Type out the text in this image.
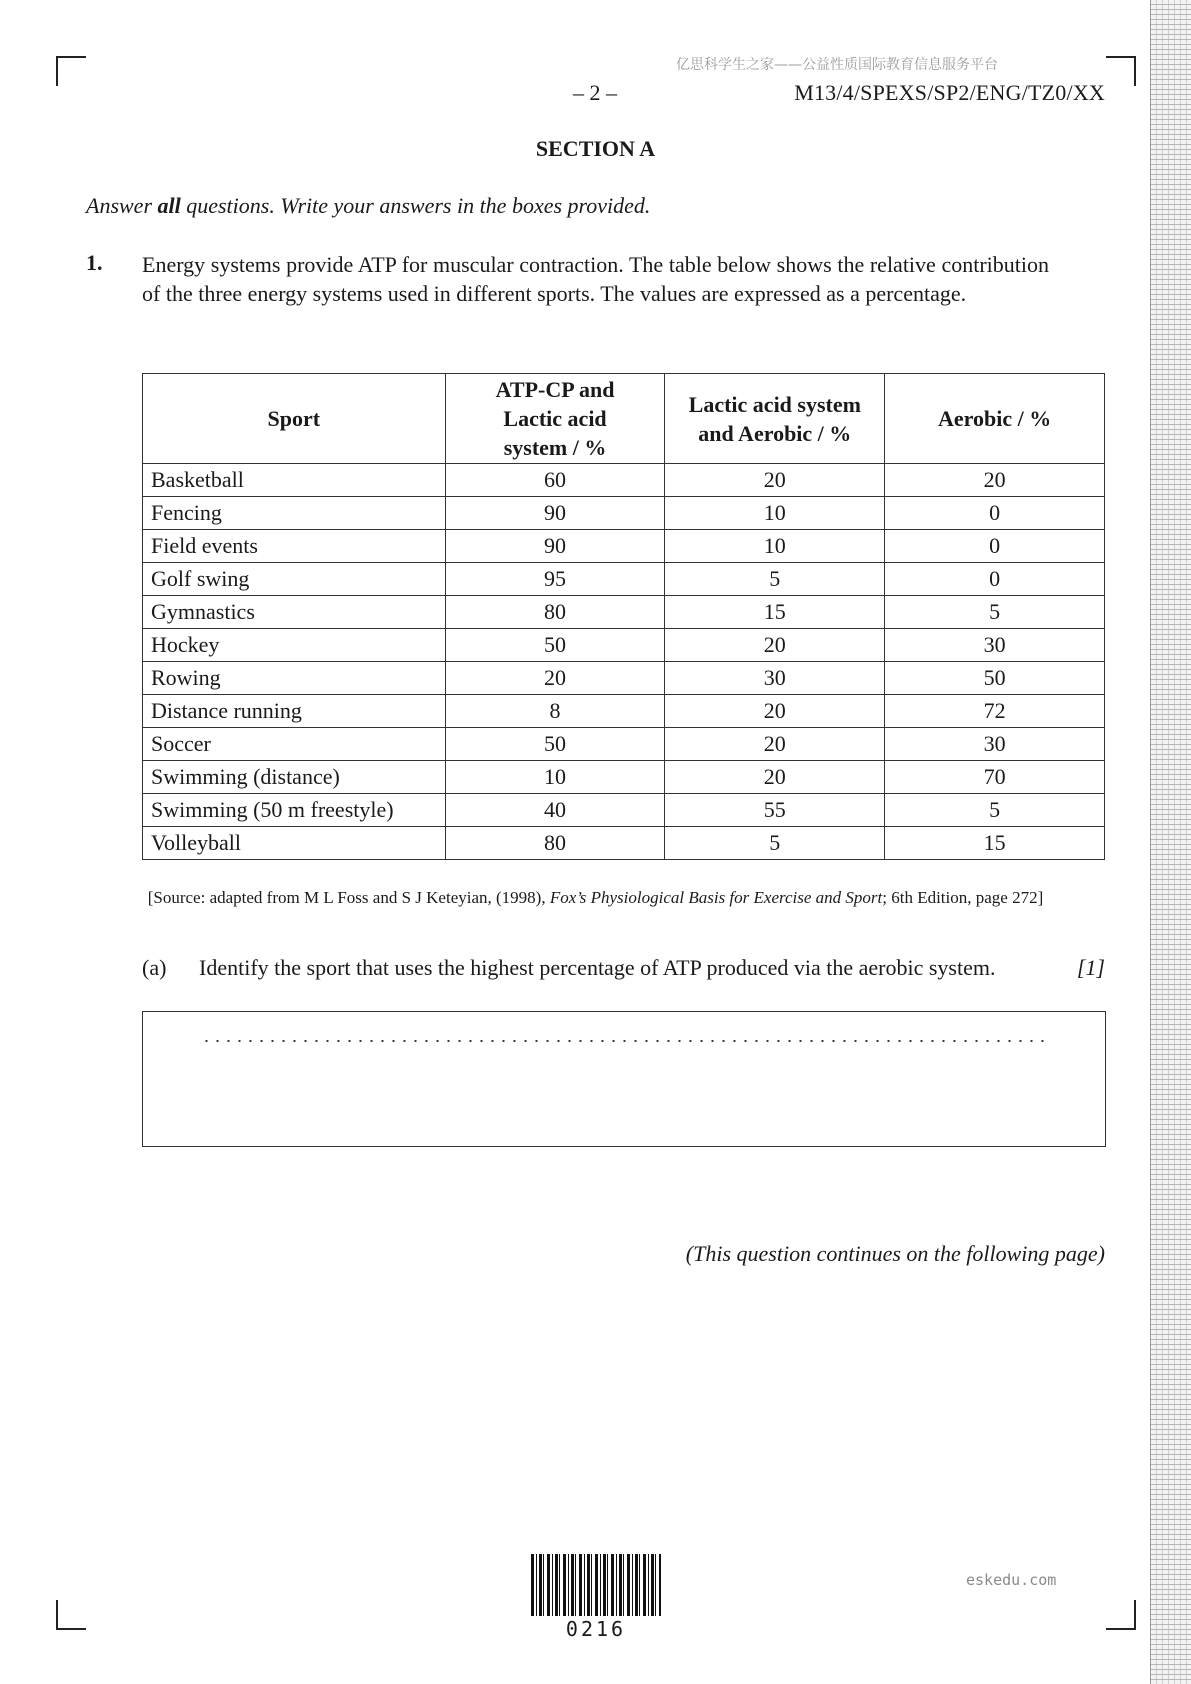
亿思科学生之家——公益性质国际教育信息服务平台
– 2 –	M13/4/SPEXS/SP2/ENG/TZ0/XX
SECTION A
Answer all questions. Write your answers in the boxes provided.
1. Energy systems provide ATP for muscular contraction. The table below shows the relative contribution of the three energy systems used in different sports. The values are expressed as a percentage.
Sport	ATP-CP and
Lactic acid
system / %	Lactic acid system
and Aerobic / %	Aerobic / %
Basketball	60	20	20
Fencing	90	10	0
Field events	90	10	0
Golf swing	95	5	0
Gymnastics	80	15	5
Hockey	50	20	30
Rowing	20	30	50
Distance running	8	20	72
Soccer	50	20	30
Swimming (distance)	10	20	70
Swimming (50 m freestyle)	40	55	5
Volleyball	80	5	15
[Source: adapted from M L Foss and S J Keteyian, (1998), Fox’s Physiological Basis for Exercise and Sport; 6th Edition, page 272]
(a) Identify the sport that uses the highest percentage of ATP produced via the aerobic system.	[1]
(This question continues on the following page)
0216
eskedu.com
